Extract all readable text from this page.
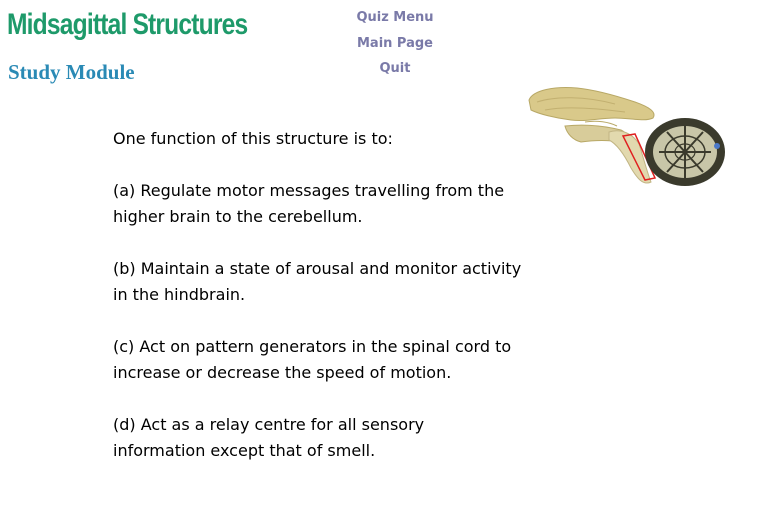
Midsagittal Structures
Study Module
Quiz Menu
Main Page
Quit

One function of this structure is to:

(a) Regulate motor messages travelling from the
higher brain to the cerebellum.

(b) Maintain a state of arousal and monitor activity
in the hindbrain.

(c) Act on pattern generators in the spinal cord to
increase or decrease the speed of motion.

(d) Act as a relay centre for all sensory
information except that of smell.
